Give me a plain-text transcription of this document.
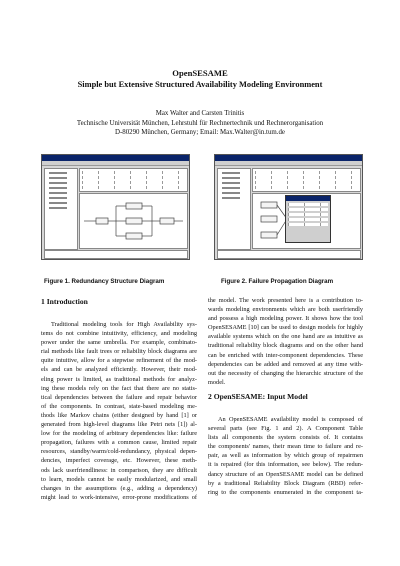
OpenSESAME
Simple but Extensive Structured Availability Modeling Environment
Max Walter and Carsten Trinitis
Technische Universität München, Lehrstuhl für Rechnertechnik und Rechnerorganisation
D-80290 München, Germany; Email: Max.Walter@in.tum.de
Figure 1. Redundancy Structure Diagram	Figure 2. Failure Propagation Diagram
1 Introduction
Traditional modeling tools for High Availability sys-
tems do not combine intuitivity, efficiency, and modeling
power under the same umbrella. For example, combinato-
rial methods like fault trees or reliability block diagrams are
quite intuitive, allow for a stepwise refinement of the mod-
els and can be analyzed efficiently. However, their mod-
eling power is limited, as traditional methods for analyz-
ing these models rely on the fact that there are no statis-
tical dependencies between the failure and repair behavior
of the components. In contrast, state-based modeling me-
thods like Markov chains (either designed by hand [1] or
generated from high-level diagrams like Petri nets [1]) al-
low for the modeling of arbitrary dependencies like: failure
propagation, failures with a common cause, limited repair
resources, standby/warm/cold-redundancy, physical depen-
dencies, imperfect coverage, etc. However, these meth-
ods lack userfriendliness: in comparison, they are difficult
to learn, models cannot be easily modularized, and small
changes in the assumptions (e.g., adding a dependency)
might lead to work-intensive, error-prone modifications of
the model. The work presented here is a contribution to-
wards modeling environments which are both userfriendly
and possess a high modeling power. It shows how the tool
OpenSESAME [10] can be used to design models for highly
available systems which on the one hand are as intuitive as
traditional reliability block diagrams and on the other hand
can be enriched with inter-component dependencies. These
dependencies can be added and removed at any time with-
out the necessity of changing the hierarchic structure of the
model.
2 OpenSESAME: Input Model
An OpenSESAME availability model is composed of
several parts (see Fig. 1 and 2). A Component Table
lists all components the system consists of. It contains
the components' names, their mean time to failure and re-
pair, as well as information by which group of repairmen
it is repaired (for this information, see below). The redun-
dancy structure of an OpenSESAME model can be defined
by a traditional Reliability Block Diagram (RBD) refer-
ring to the components enumerated in the component ta-
